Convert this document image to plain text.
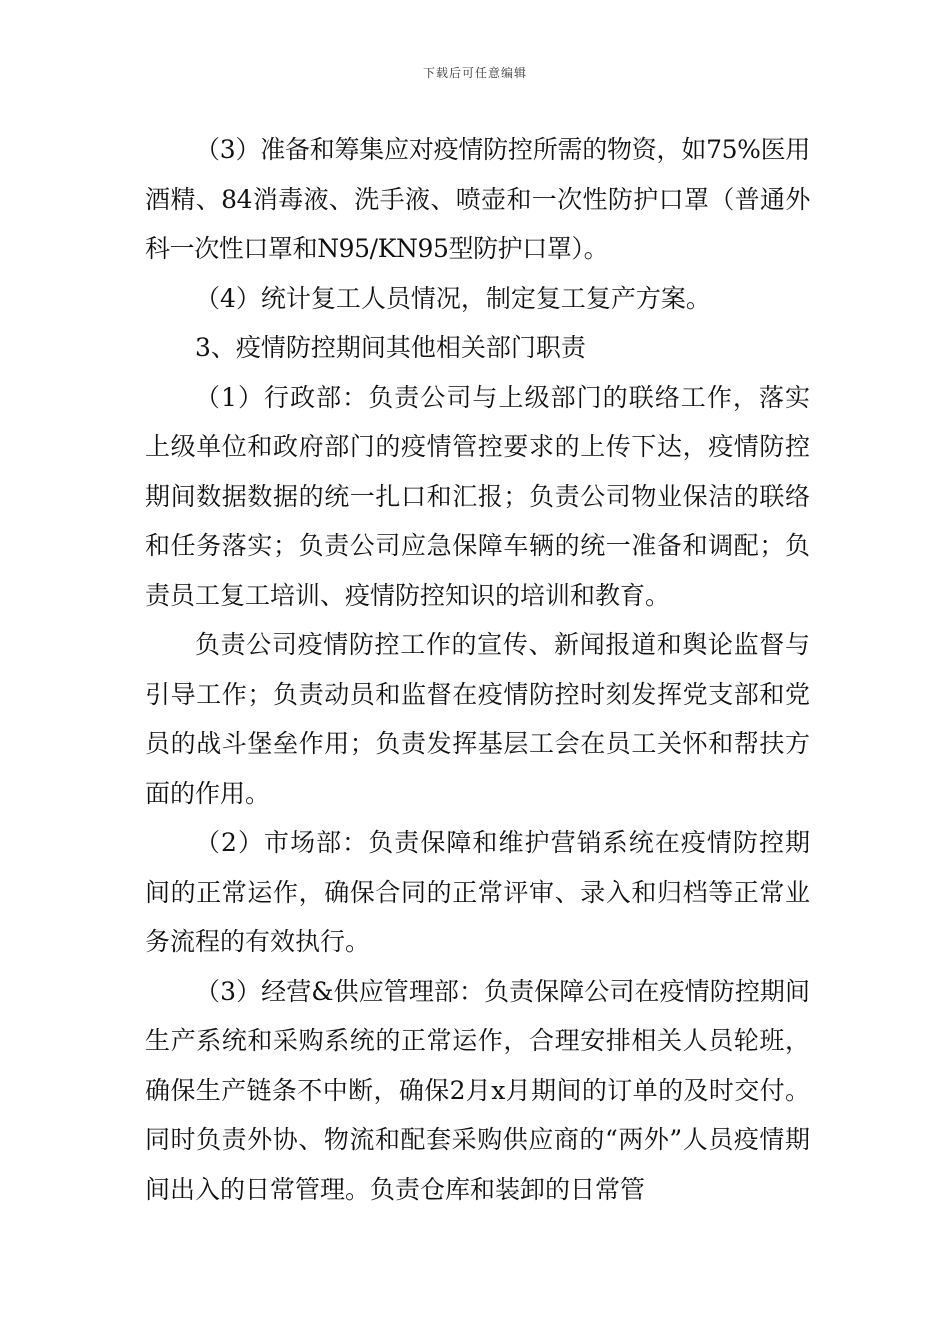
下载后可任意编辑

（3）准备和筹集应对疫情防控所需的物资，如75%医用酒精、84消毒液、洗手液、喷壶和一次性防护口罩（普通外科一次性口罩和N95/KN95型防护口罩）。

（4）统计复工人员情况，制定复工复产方案。

3、疫情防控期间其他相关部门职责

（1）行政部：负责公司与上级部门的联络工作，落实上级单位和政府部门的疫情管控要求的上传下达，疫情防控期间数据数据的统一扎口和汇报；负责公司物业保洁的联络和任务落实；负责公司应急保障车辆的统一准备和调配；负责员工复工培训、疫情防控知识的培训和教育。

负责公司疫情防控工作的宣传、新闻报道和舆论监督与引导工作；负责动员和监督在疫情防控时刻发挥党支部和党员的战斗堡垒作用；负责发挥基层工会在员工关怀和帮扶方面的作用。

（2）市场部：负责保障和维护营销系统在疫情防控期间的正常运作，确保合同的正常评审、录入和归档等正常业务流程的有效执行。

（3）经营&供应管理部：负责保障公司在疫情防控期间生产系统和采购系统的正常运作，合理安排相关人员轮班，确保生产链条不中断，确保2月x月期间的订单的及时交付。同时负责外协、物流和配套采购供应商的“两外”人员疫情期间出入的日常管理。负责仓库和装卸的日常管
